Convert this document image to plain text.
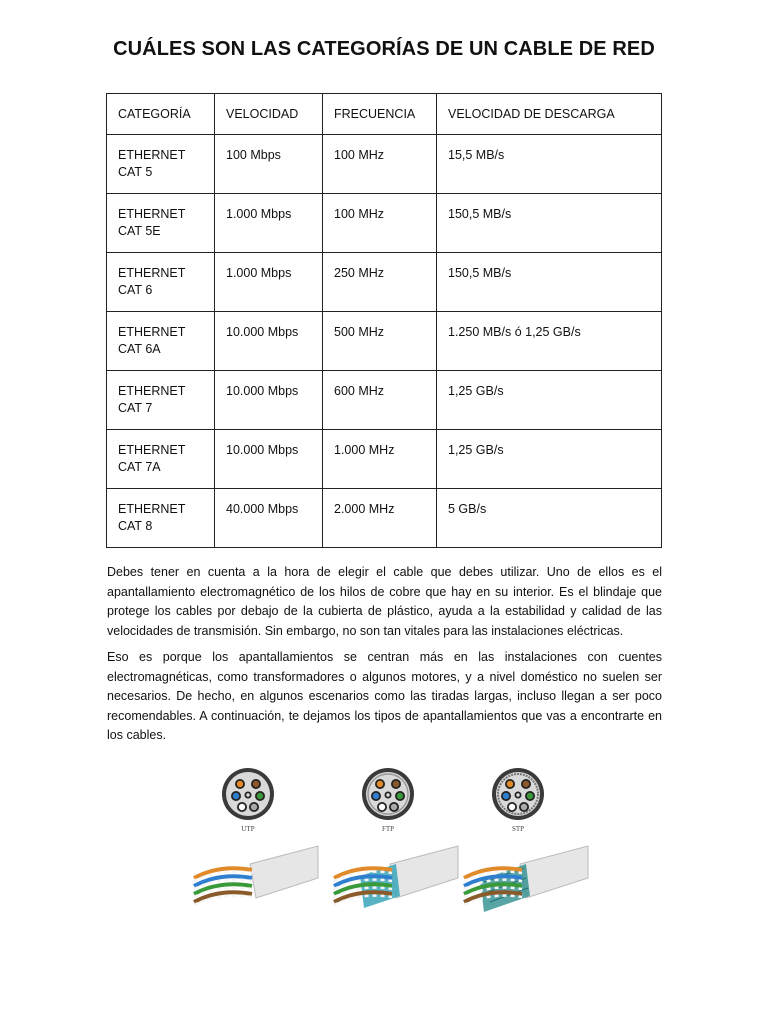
CUÁLES SON LAS CATEGORÍAS DE UN CABLE DE RED
CATEGORÍA	VELOCIDAD	FRECUENCIA	VELOCIDAD DE DESCARGA
ETHERNET CAT 5	100 Mbps	100 MHz	15,5 MB/s
ETHERNET CAT 5E	1.000 Mbps	100 MHz	150,5 MB/s
ETHERNET CAT 6	1.000 Mbps	250 MHz	150,5 MB/s
ETHERNET CAT 6A	10.000 Mbps	500 MHz	1.250 MB/s ó 1,25 GB/s
ETHERNET CAT 7	10.000 Mbps	600 MHz	1,25 GB/s
ETHERNET CAT 7A	10.000 Mbps	1.000 MHz	1,25 GB/s
ETHERNET CAT 8	40.000 Mbps	2.000 MHz	5 GB/s

Debes tener en cuenta a la hora de elegir el cable que debes utilizar. Uno de ellos es el apantallamiento electromagnético de los hilos de cobre que hay en su interior. Es el blindaje que protege los cables por debajo de la cubierta de plástico, ayuda a la estabilidad y calidad de las velocidades de transmisión. Sin embargo, no son tan vitales para las instalaciones eléctricas.

Eso es porque los apantallamientos se centran más en las instalaciones con cuentes electromagnéticas, como transformadores o algunos motores, y a nivel doméstico no suelen ser necesarios. De hecho, en algunos escenarios como las tiradas largas, incluso llegan a ser poco recomendables. A continuación, te dejamos los tipos de apantallamientos que vas a encontrarte en los cables.

UTP	FTP	STP
